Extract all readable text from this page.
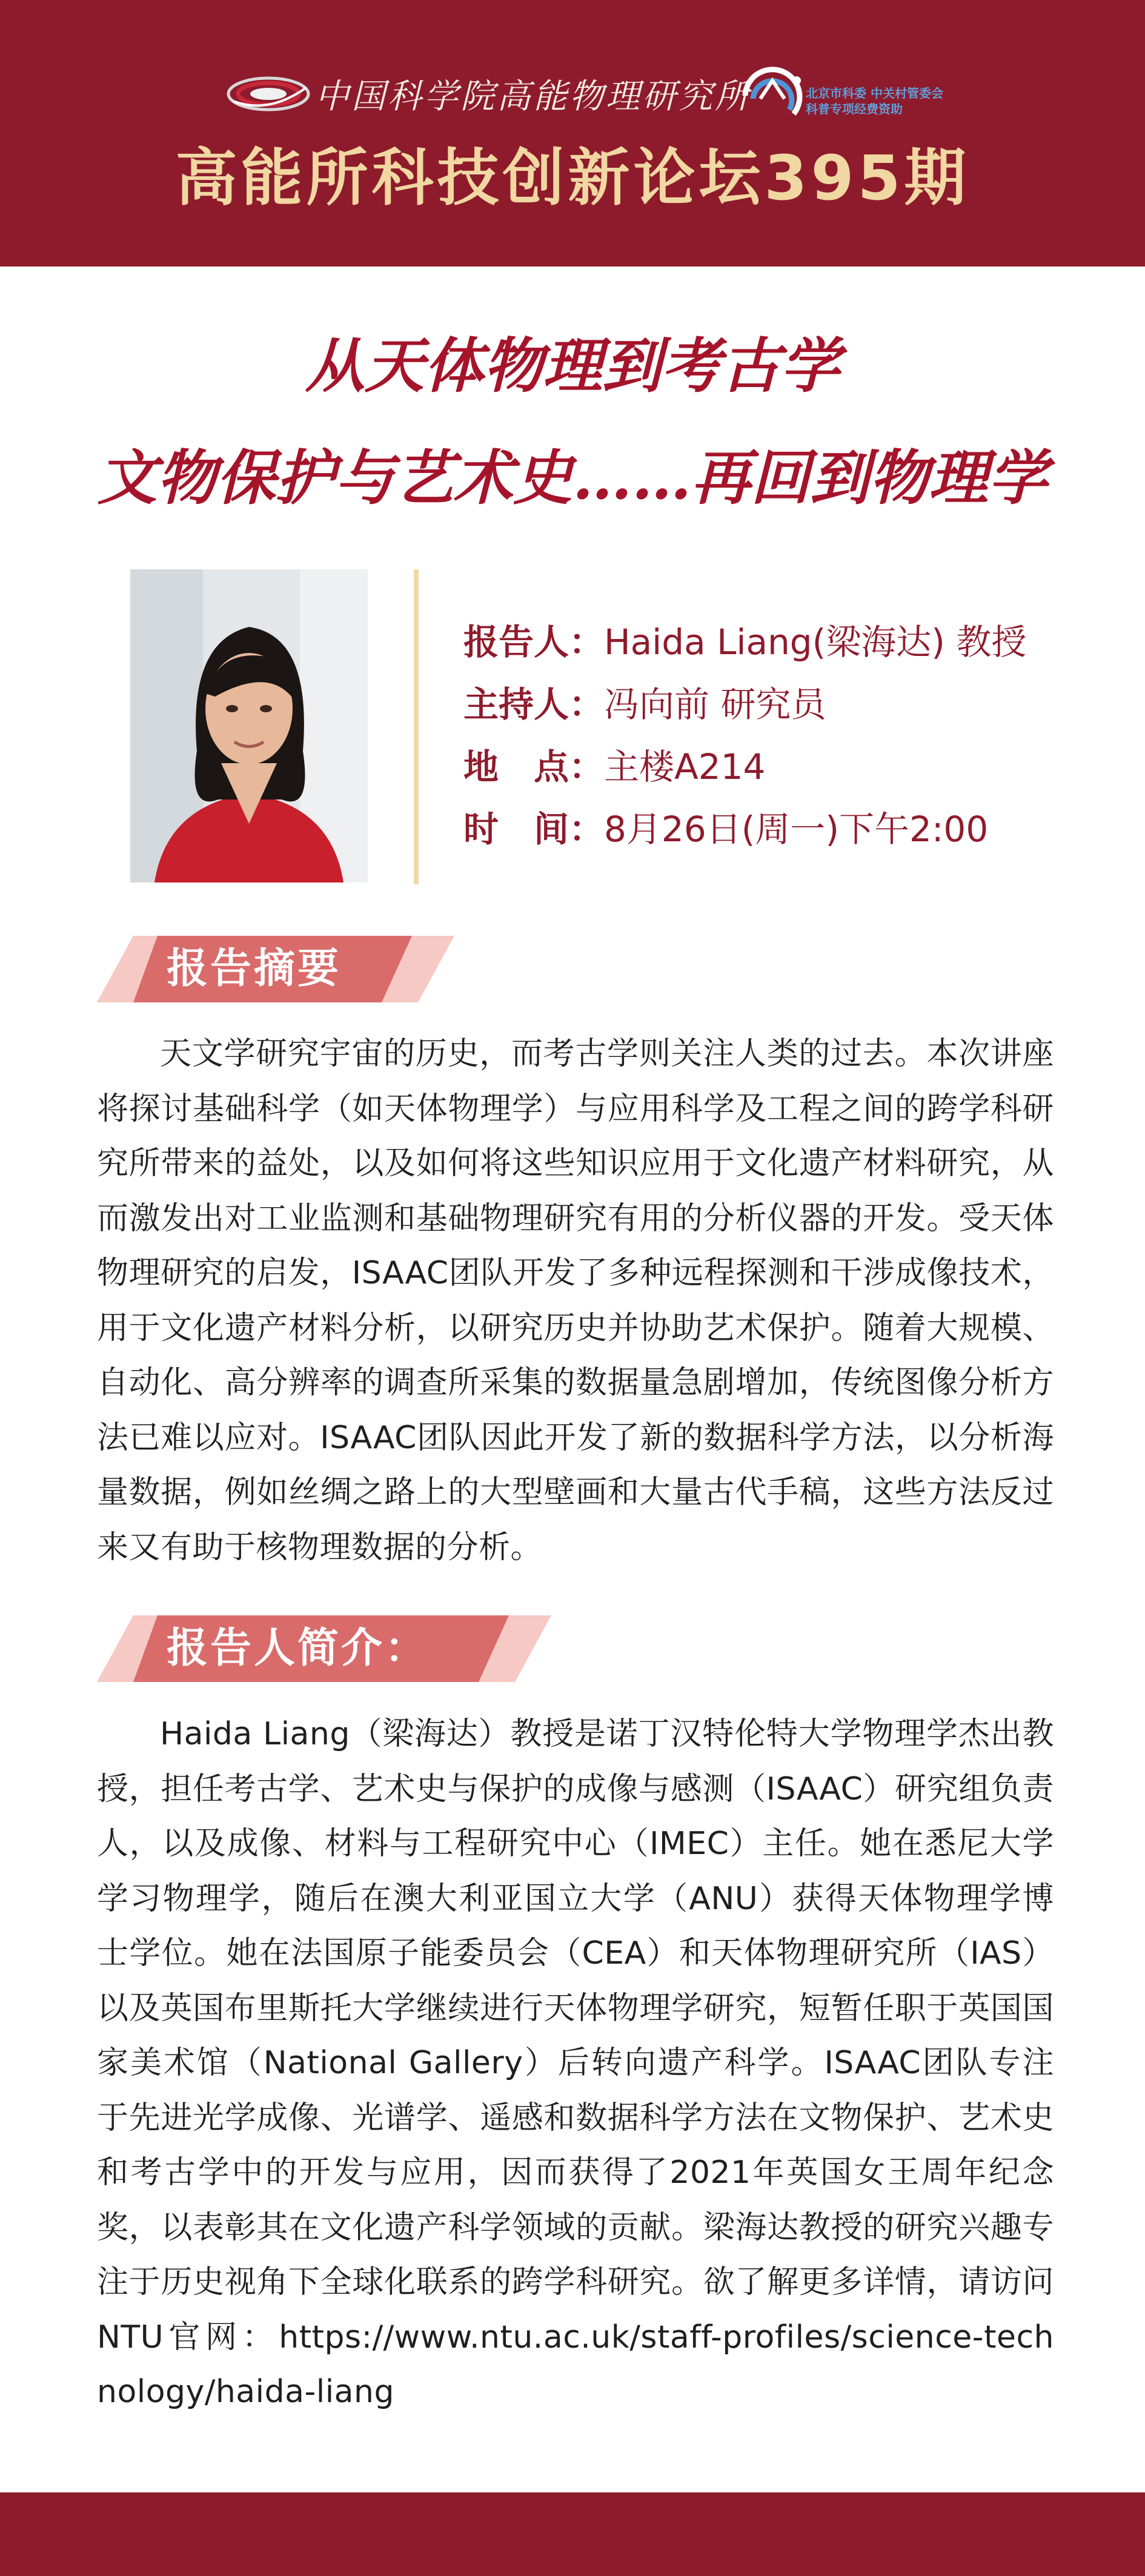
中国科学院高能物理研究所	北京市科委 中关村管委会
科普专项经费资助
高能所科技创新论坛395期
从天体物理到考古学
文物保护与艺术史……再回到物理学
报告人：Haida Liang(梁海达) 教授
主持人：冯向前 研究员
地　点：主楼A214
时　间：8月26日(周一)下午2:00
报告摘要
天文学研究宇宙的历史，而考古学则关注人类的过去。本次讲座将探讨基础科学（如天体物理学）与应用科学及工程之间的跨学科研究所带来的益处，以及如何将这些知识应用于文化遗产材料研究，从而激发出对工业监测和基础物理研究有用的分析仪器的开发。受天体物理研究的启发，ISAAC团队开发了多种远程探测和干涉成像技术，用于文化遗产材料分析，以研究历史并协助艺术保护。随着大规模、自动化、高分辨率的调查所采集的数据量急剧增加，传统图像分析方法已难以应对。ISAAC团队因此开发了新的数据科学方法，以分析海量数据，例如丝绸之路上的大型壁画和大量古代手稿，这些方法反过来又有助于核物理数据的分析。
报告人简介：
Haida Liang（梁海达）教授是诺丁汉特伦特大学物理学杰出教授，担任考古学、艺术史与保护的成像与感测（ISAAC）研究组负责人，以及成像、材料与工程研究中心（IMEC）主任。她在悉尼大学学习物理学，随后在澳大利亚国立大学（ANU）获得天体物理学博士学位。她在法国原子能委员会（CEA）和天体物理研究所（IAS）以及英国布里斯托大学继续进行天体物理学研究，短暂任职于英国国家美术馆（National Gallery）后转向遗产科学。ISAAC团队专注于先进光学成像、光谱学、遥感和数据科学方法在文物保护、艺术史和考古学中的开发与应用，因而获得了2021年英国女王周年纪念奖，以表彰其在文化遗产科学领域的贡献。梁海达教授的研究兴趣专注于历史视角下全球化联系的跨学科研究。欲了解更多详情，请访问 NTU官网：https://www.ntu.ac.uk/staff-profiles/science-technology/haida-liang
